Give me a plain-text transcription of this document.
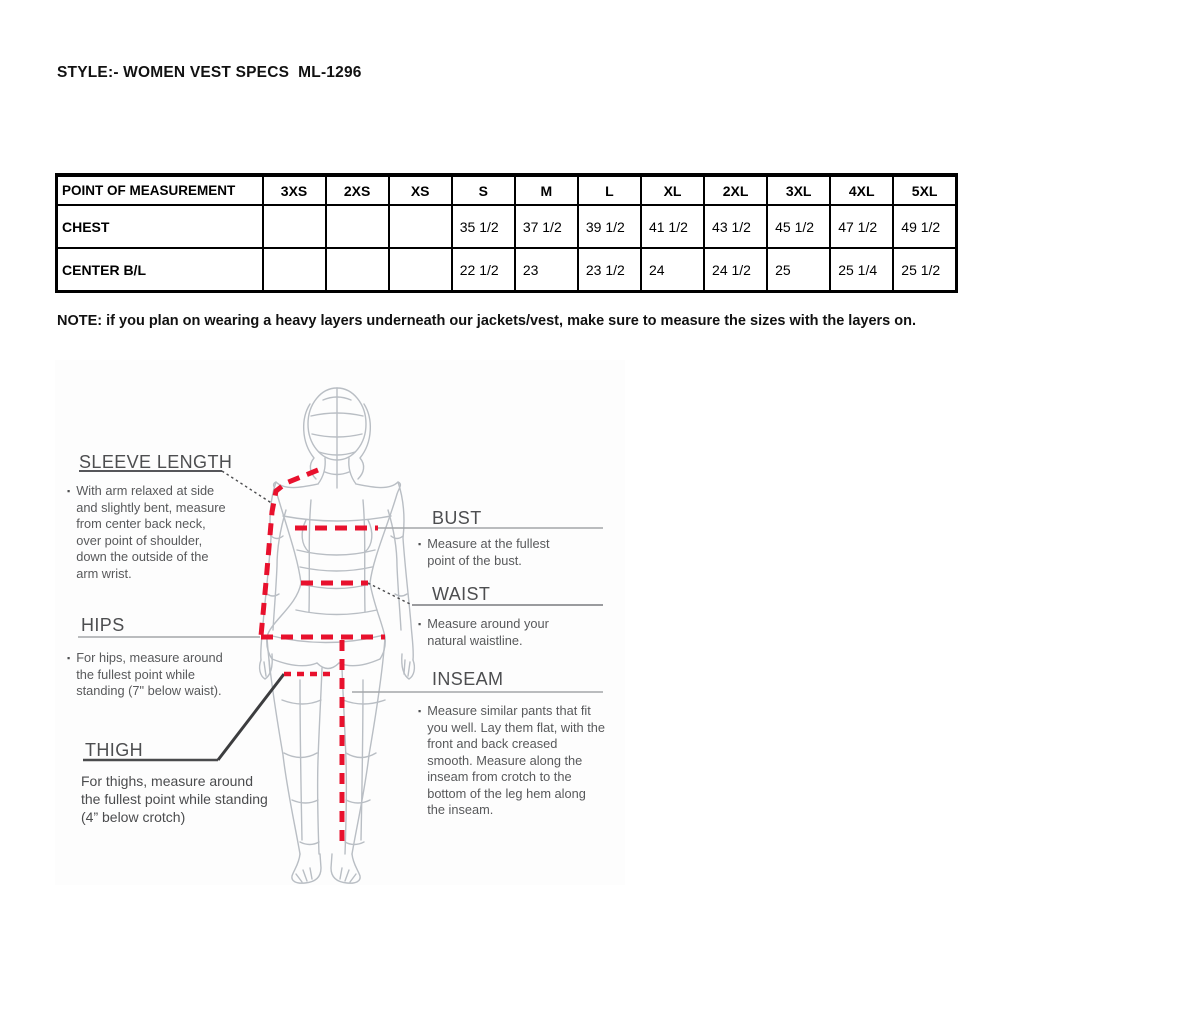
STYLE:- WOMEN VEST SPECS  ML-1296
POINT OF MEASUREMENT	3XS	2XS	XS	S	M	L	XL	2XL	3XL	4XL	5XL
CHEST				35 1/2	37 1/2	39 1/2	41 1/2	43 1/2	45 1/2	47 1/2	49 1/2
CENTER B/L				22 1/2	23	23 1/2	24	24 1/2	25	25 1/4	25 1/2
NOTE: if you plan on wearing a heavy layers underneath our jackets/vest, make sure to measure the sizes with the layers on.
SLEEVE LENGTH
▪ With arm relaxed at side and slightly bent, measure from center back neck, over point of shoulder, down the outside of the arm wrist.
HIPS
▪ For hips, measure around the fullest point while standing (7" below waist).
THIGH
For thighs, measure around the fullest point while standing (4” below crotch)
BUST
▪ Measure at the fullest point of the bust.
WAIST
▪ Measure around your natural waistline.
INSEAM
▪ Measure similar pants that fit you well. Lay them flat, with the front and back creased smooth. Measure along the inseam from crotch to the bottom of the leg hem along the inseam.
